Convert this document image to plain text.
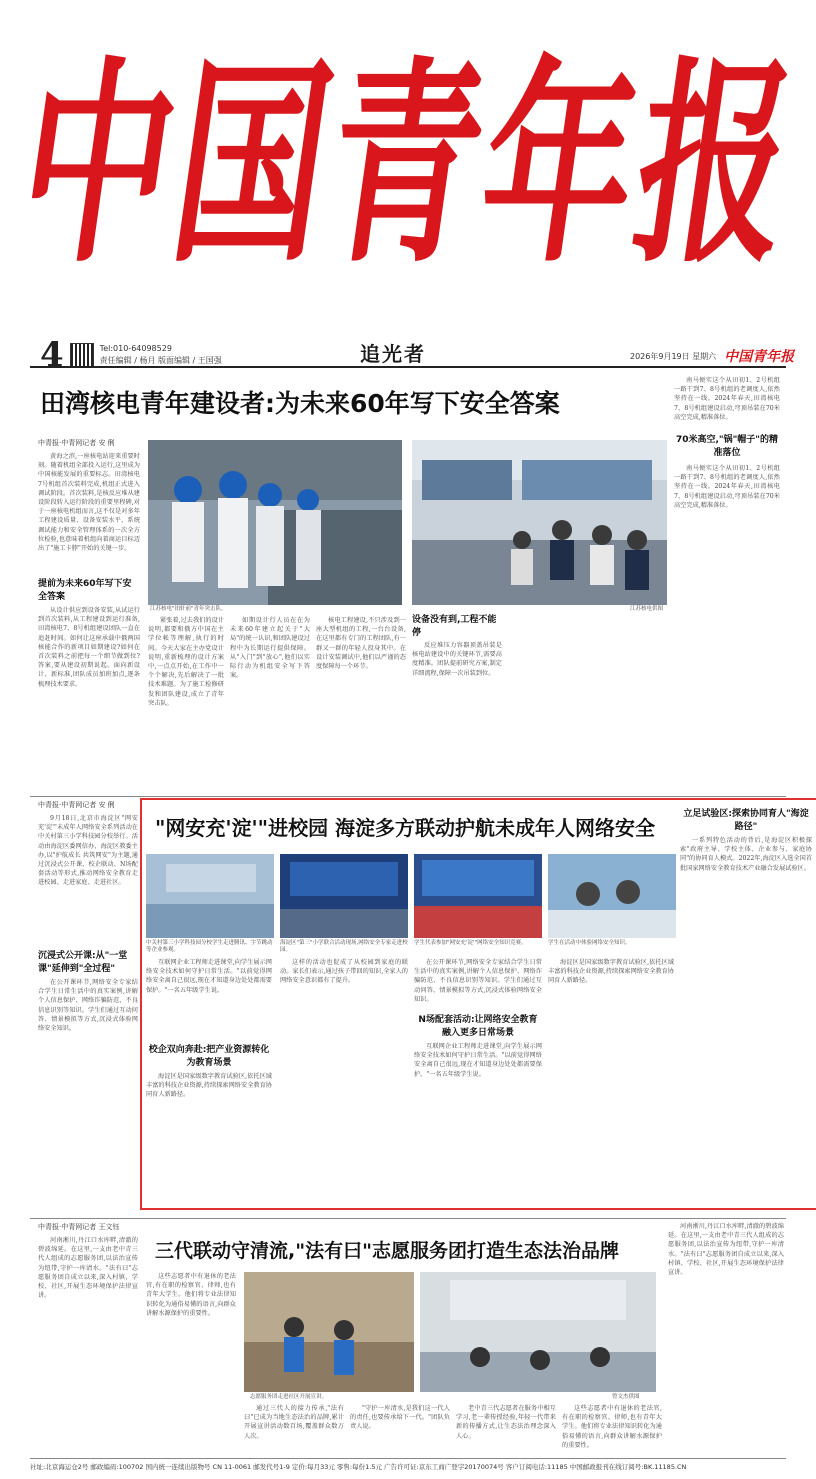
中国青年报
4	Tel:010-64098529
责任编辑 / 杨月 版面编辑 / 王国强	追光者	2026年9月19日 星期六 中国青年报
田湾核电青年建设者:为未来60年写下安全答案
中青报·中青网记者 安 俐

黄海之滨,一座核电站迎来重要时刻。随着机组全部投入运行,这里成为中国核能发展的重要标志。田湾核电7号机组首次装料完成,机组正式进入调试阶段。首次装料,是核反应堆从建设阶段转入运行阶段的重要里程碑,对于一座核电机组而言,这不仅是对多年工程建设质量、设备安装水平、系统调试能力和安全管理体系的一次全方位检验,也意味着机组向着商运目标迈出了"施工卡脖"开始的关键一步。

提前为未来60年写下安全答案

从设计供应到设备安装,从试运行到首次装料,从工程建设到运行准备,田湾核电7、8号机组建设团队一直在追赶时间。如何让这座承载中俄两国核能合作的新项目如期建设?如何在首次装料之前把每一个细节做到位?答案,要从建设初期说起。面向新设计、新标准,团队成员加班加点,逐条梳理技术要求。

江苏核电"铂轩前"青年突击队。	江苏核电供图

紧张着,过去我们的设计说明,都要和俄方中国在主学位帐等理解,执行的时间。今天大家在主办党设计说明,重新梳理的设计方案中,一点点开始,在工作中一个个解决,先后解决了一批技术难题。为了施工检修研发和团队建设,成立了青年突击队。

如期设计行人员在在为未来60年建立起关于"大局"的统一认识,和团队建设过程中为长期运行提供保障。从"入门"到"放心",他们以实际行动为机组安全写下答案。

核电工程建设,不只涉及到一座大型机组的工程,一台台设备,在这里都有专门的工程团队,有一群又一群的年轻人投身其中。在设计安装调试中,他们以严谨的态度保障每一个环节。

设备没有到,工程不能停

反应堆压力容器顶盖吊装是核电站建设中的关键环节,需要高度精准。团队提前研究方案,制定详细流程,保障一次吊装到位。

南马便实这个从田初1、2号机组一路干到7、8号机组的老调度人,依然坚持在一线。2024年春天,田湾核电7、8号机组建设启动,穹顶吊装在70米高空完成,精准落位。

70米高空,"锅"帽子"的精准落位

南马便实这个从田初1、2号机组一路干到7、8号机组的老调度人,依然坚持在一线。2024年春天,田湾核电7、8号机组建设启动,穹顶吊装在70米高空完成,精准落位。

中青报·中青网记者 安 俐

9月18日,北京市海淀区"网安充'淀'"未成年人网络安全系列活动在中关村第三小学科技园分校举行。活动由海淀区委网信办、海淀区教委主办,以"护航成长 共筑网安"为主题,通过沉浸式公开课、校企联动、N场配套活动等形式,推动网络安全教育走进校园、走进家庭、走进社区。

沉浸式公开课:从"一堂课"延伸到"全过程"

在公开课环节,网络安全专家结合学生日常生活中的真实案例,讲解个人信息保护、网络诈骗防范、不良信息识别等知识。学生们通过互动问答、情景模拟等方式,沉浸式体验网络安全知识。

"网安充'淀'"进校园 海淀多方联动护航未成年人网络安全
中关村第三小学科技园分校学生走进腾讯、字节跳动等企业参观。
海淀区"第三"小学联合活动现场,网络安全专家走进校园。
学生代表参加"网安充'淀'"网络安全知识竞赛。	学生在活动中体验网络安全知识。

互联网企业工程师走进课堂,向学生展示网络安全技术如何守护日常生活。"以前觉得网络安全离自己很远,现在才知道身边处处都需要保护。"一名五年级学生说。

校企双向奔赴:把产业资源转化为教育场景

海淀区是国家级数字教育试验区,依托区域丰富的科技企业资源,持续探索网络安全教育协同育人新路径。

这样的活动也促成了从校园到家庭的联动。家长们表示,通过孩子带回的知识,全家人的网络安全意识都有了提升。

在公开课环节,网络安全专家结合学生日常生活中的真实案例,讲解个人信息保护、网络诈骗防范、不良信息识别等知识。学生们通过互动问答、情景模拟等方式,沉浸式体验网络安全知识。

N场配套活动:让网络安全教育融入更多日常场景

互联网企业工程师走进课堂,向学生展示网络安全技术如何守护日常生活。"以前觉得网络安全离自己很远,现在才知道身边处处都需要保护。"一名五年级学生说。

海淀区是国家级数字教育试验区,依托区域丰富的科技企业资源,持续探索网络安全教育协同育人新路径。

立足试验区:探索协同育人"海淀路径"

一系列特色活动的背后,是海淀区积极探索"政府主导、学校主体、企业参与、家庭协同"的协同育人模式。2022年,海淀区入选全国首批国家网络安全教育技术产业融合发展试验区。

中青报·中青网记者 王文钰

河南淅川,丹江口水库畔,清澈的碧波绵延。在这里,一支由老中青三代人组成的志愿服务团,以法治宣传为纽带,守护一库清水。"法有曰"志愿服务团自成立以来,深入村镇、学校、社区,开展生态环境保护法律宣讲。

三代联动守清流,"法有曰"志愿服务团打造生态法治品牌

这些志愿者中有退休的老法官,有在职的检察官、律师,也有青年大学生。他们将专业法律知识转化为通俗易懂的语言,向群众讲解水源保护的重要性。

志愿服务团走进社区开展宣讲。	曾文杰供图

通过三代人的接力传承,"法有曰"已成为当地生态法治的品牌,累计开展宣讲活动数百场,覆盖群众数万人次。

"守护一库清水,是我们这一代人的责任,也要传承给下一代。"团队负责人说。

老中青三代志愿者在服务中相互学习,老一辈传授经验,年轻一代带来新的传播方式,让生态法治理念深入人心。

这些志愿者中有退休的老法官,有在职的检察官、律师,也有青年大学生。他们将专业法律知识转化为通俗易懂的语言,向群众讲解水源保护的重要性。

河南淅川,丹江口水库畔,清澈的碧波绵延。在这里,一支由老中青三代人组成的志愿服务团,以法治宣传为纽带,守护一库清水。"法有曰"志愿服务团自成立以来,深入村镇、学校、社区,开展生态环境保护法律宣讲。

社址:北京海运仓2号 邮政编码:100702 国内统一连续出版物号 CN 11-0061 邮发代号1-9 定价:每月33元 零售:每份1.5元 广告许可证:京东工商广登字20170074号 客户订阅电话:11185 中国邮政报刊在线订阅号:BK.11185.CN
